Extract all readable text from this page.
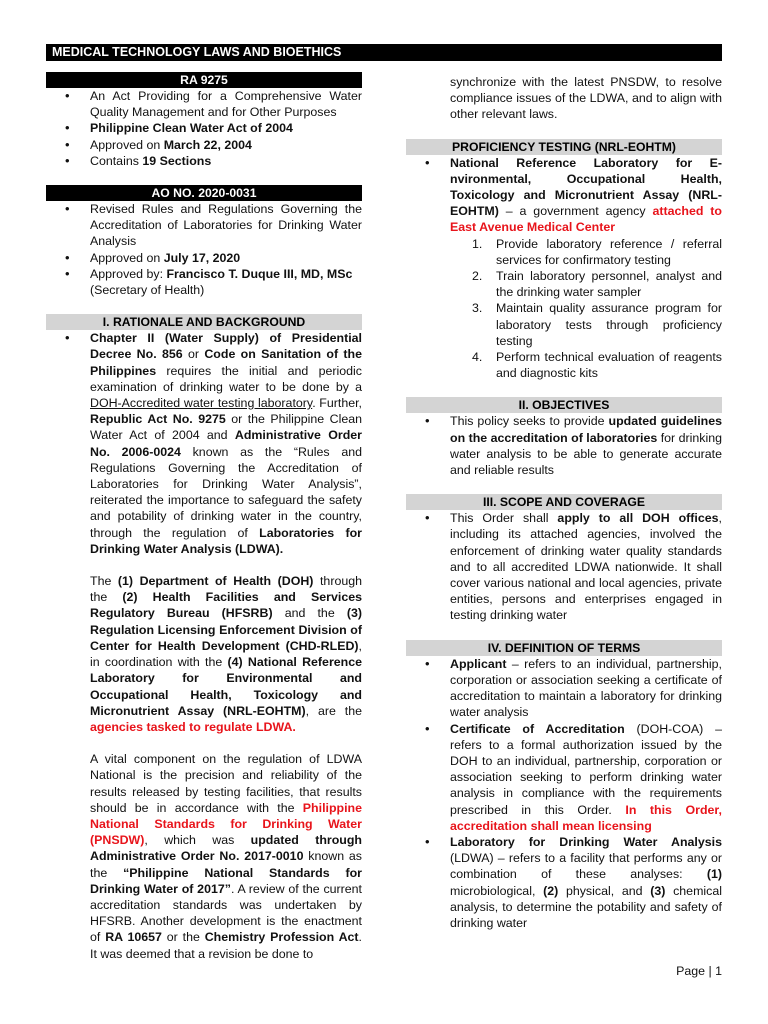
MEDICAL TECHNOLOGY LAWS AND BIOETHICS
RA 9275
• An Act Providing for a Comprehensive Water Quality Management and for Other Purposes
• Philippine Clean Water Act of 2004
• Approved on March 22, 2004
• Contains 19 Sections
AO NO. 2020-0031
• Revised Rules and Regulations Governing the Accreditation of Laboratories for Drinking Water Analysis
• Approved on July 17, 2020
• Approved by: Francisco T. Duque III, MD, MSc
(Secretary of Health)
I. RATIONALE AND BACKGROUND
• Chapter II (Water Supply) of Presidential Decree No. 856 or Code on Sanitation of the Philippines requires the initial and periodic examination of drinking water to be done by a DOH-Accredited water testing laboratory. Further, Republic Act No. 9275 or the Philippine Clean Water Act of 2004 and Administrative Order No. 2006-0024 known as the “Rules and Regulations Governing the Accreditation of Laboratories for Drinking Water Analysis”, reiterated the importance to safeguard the safety and potability of drinking water in the country, through the regulation of Laboratories for Drinking Water Analysis (LDWA).

The (1) Department of Health (DOH) through the (2) Health Facilities and Services Regulatory Bureau (HFSRB) and the (3) Regulation Licensing Enforcement Division of Center for Health Development (CHD-RLED), in coordination with the (4) National Reference Laboratory for Environmental and Occupational Health, Toxicology and Micronutrient Assay (NRL-EOHTM), are the agencies tasked to regulate LDWA.

A vital component on the regulation of LDWA National is the precision and reliability of the results released by testing facilities, that results should be in accordance with the Philippine National Standards for Drinking Water (PNSDW), which was updated through Administrative Order No. 2017-0010 known as the “Philippine National Standards for Drinking Water of 2017”. A review of the current accreditation standards was undertaken by HFSRB. Another development is the enactment of RA 10657 or the Chemistry Profession Act. It was deemed that a revision be done to

synchronize with the latest PNSDW, to resolve compliance issues of the LDWA, and to align with other relevant laws.

PROFICIENCY TESTING (NRL-EOHTM)
• National Reference Laboratory for E-nvironmental, Occupational Health, Toxicology and Micronutrient Assay (NRL-EOHTM) – a government agency attached to East Avenue Medical Center
1. Provide laboratory reference / referral services for confirmatory testing
2. Train laboratory personnel, analyst and the drinking water sampler
3. Maintain quality assurance program for laboratory tests through proficiency testing
4. Perform technical evaluation of reagents and diagnostic kits
II. OBJECTIVES
• This policy seeks to provide updated guidelines on the accreditation of laboratories for drinking water analysis to be able to generate accurate and reliable results
III. SCOPE AND COVERAGE
• This Order shall apply to all DOH offices, including its attached agencies, involved the enforcement of drinking water quality standards and to all accredited LDWA nationwide. It shall cover various national and local agencies, private entities, persons and enterprises engaged in testing drinking water
IV. DEFINITION OF TERMS
• Applicant – refers to an individual, partnership, corporation or association seeking a certificate of accreditation to maintain a laboratory for drinking water analysis
• Certificate of Accreditation (DOH-COA) – refers to a formal authorization issued by the DOH to an individual, partnership, corporation or association seeking to perform drinking water analysis in compliance with the requirements prescribed in this Order. In this Order, accreditation shall mean licensing
• Laboratory for Drinking Water Analysis (LDWA) – refers to a facility that performs any or combination of these analyses: (1) microbiological, (2) physical, and (3) chemical analysis, to determine the potability and safety of drinking water
Page | 1
